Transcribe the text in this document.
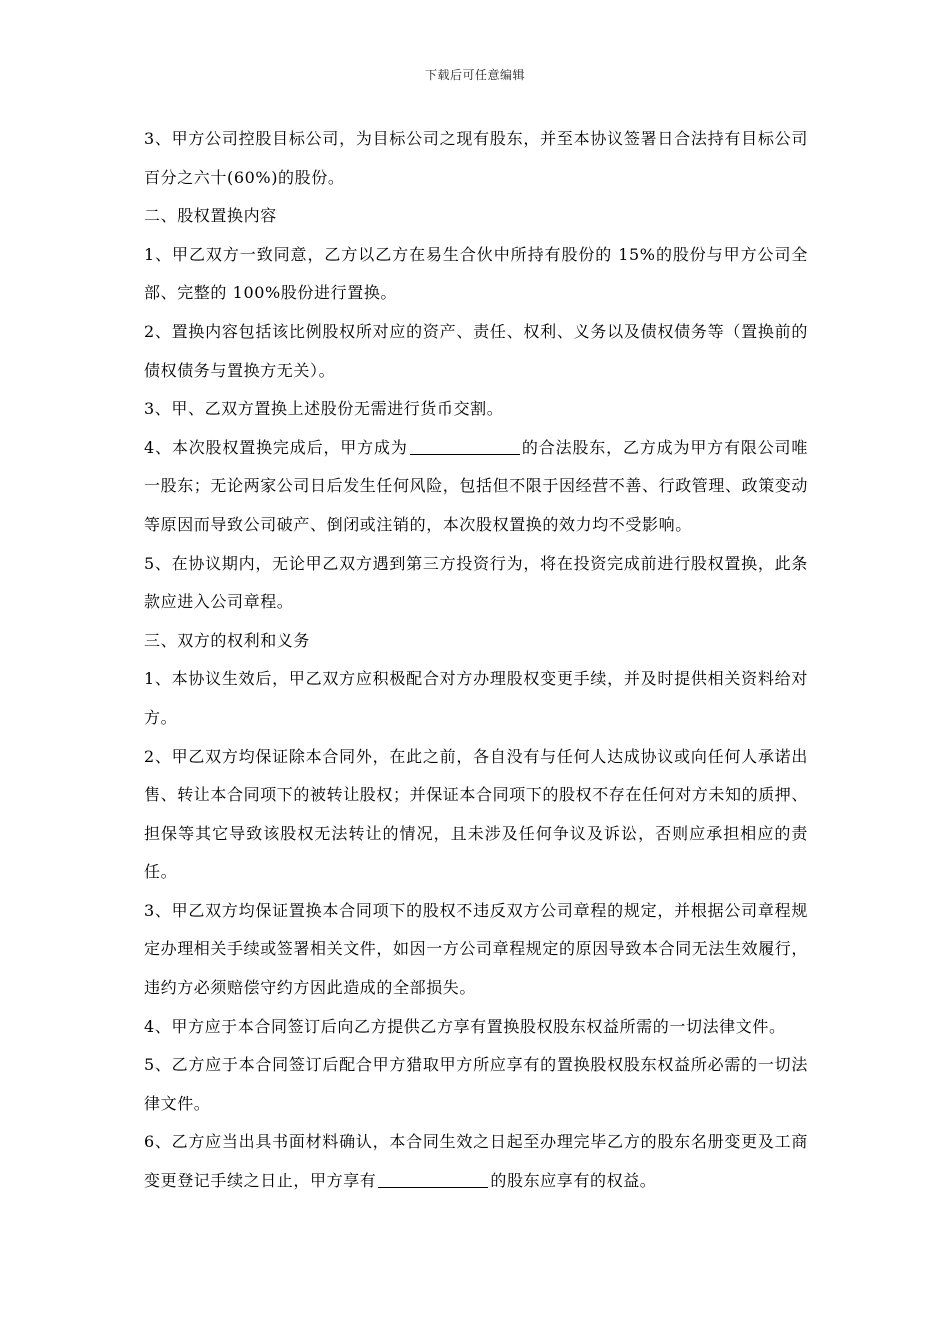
下载后可任意编辑

3、甲方公司控股目标公司，为目标公司之现有股东，并至本协议签署日合法持有目标公司百分之六十(60%)的股份。

二、股权置换内容

1、甲乙双方一致同意，乙方以乙方在易生合伙中所持有股份的 15%的股份与甲方公司全部、完整的 100%股份进行置换。

2、置换内容包括该比例股权所对应的资产、责任、权利、义务以及债权债务等（置换前的债权债务与置换方无关）。

3、甲、乙双方置换上述股份无需进行货币交割。

4、本次股权置换完成后，甲方成为	的合法股东，乙方成为甲方有限公司唯一股东；无论两家公司日后发生任何风险，包括但不限于因经营不善、行政管理、政策变动等原因而导致公司破产、倒闭或注销的，本次股权置换的效力均不受影响。

5、在协议期内，无论甲乙双方遇到第三方投资行为，将在投资完成前进行股权置换，此条款应进入公司章程。

三、双方的权利和义务

1、本协议生效后，甲乙双方应积极配合对方办理股权变更手续，并及时提供相关资料给对方。

2、甲乙双方均保证除本合同外，在此之前，各自没有与任何人达成协议或向任何人承诺出售、转让本合同项下的被转让股权；并保证本合同项下的股权不存在任何对方未知的质押、担保等其它导致该股权无法转让的情况，且未涉及任何争议及诉讼，否则应承担相应的责任。

3、甲乙双方均保证置换本合同项下的股权不违反双方公司章程的规定，并根据公司章程规定办理相关手续或签署相关文件，如因一方公司章程规定的原因导致本合同无法生效履行，违约方必须赔偿守约方因此造成的全部损失。

4、甲方应于本合同签订后向乙方提供乙方享有置换股权股东权益所需的一切法律文件。

5、乙方应于本合同签订后配合甲方猎取甲方所应享有的置换股权股东权益所必需的一切法律文件。

6、乙方应当出具书面材料确认，本合同生效之日起至办理完毕乙方的股东名册变更及工商变更登记手续之日止，甲方享有	的股东应享有的权益。
